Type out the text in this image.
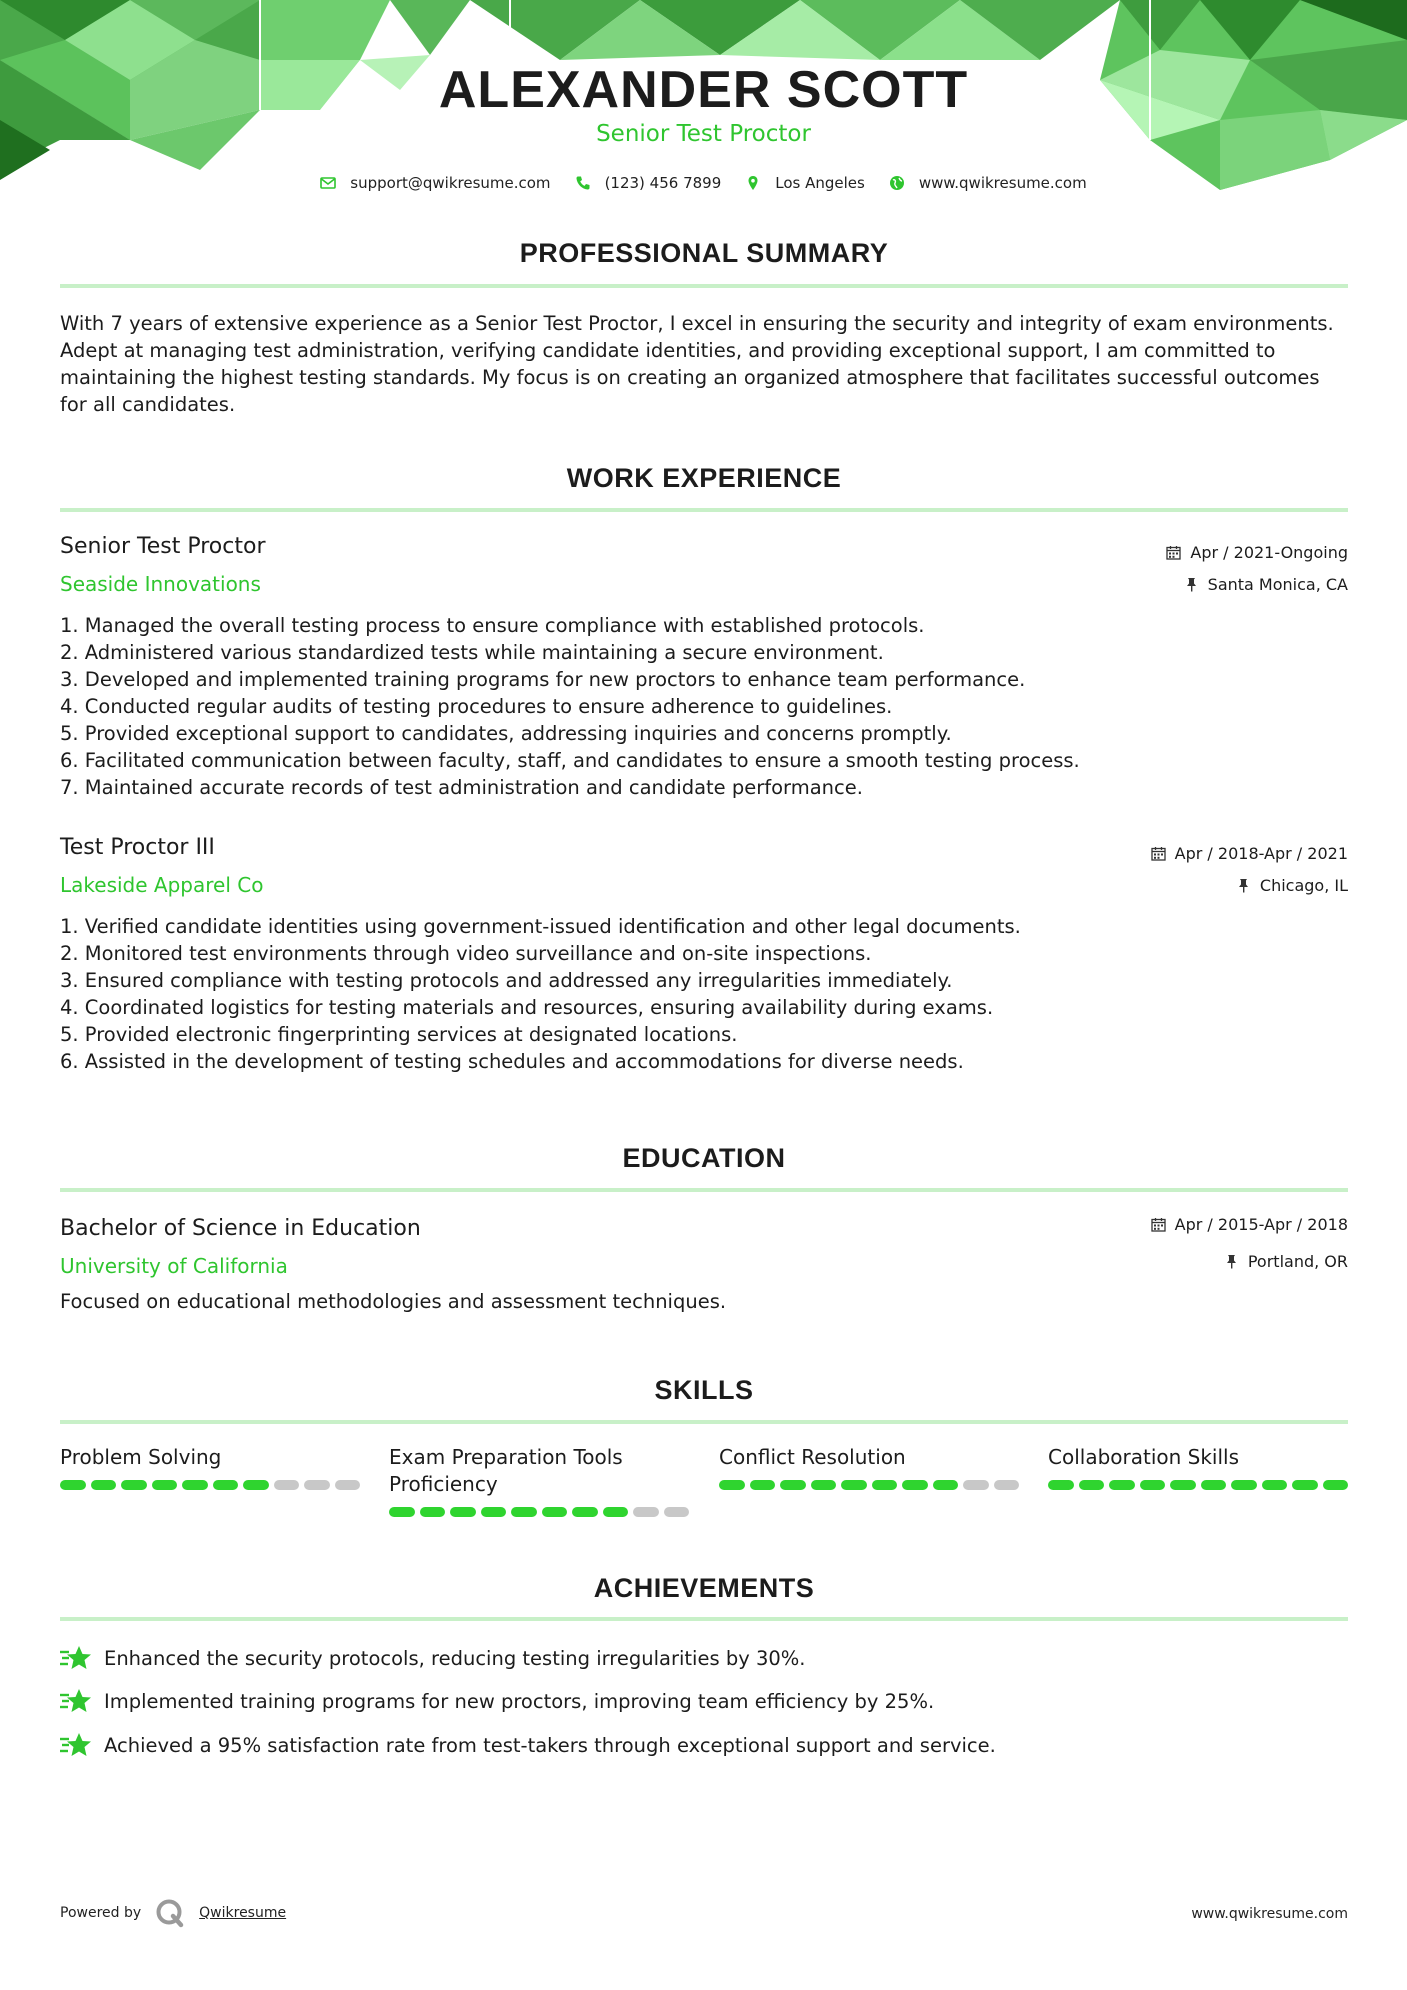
ALEXANDER SCOTT
Senior Test Proctor
support@qwikresume.com	(123) 456 7899	Los Angeles	www.qwikresume.com
PROFESSIONAL SUMMARY
With 7 years of extensive experience as a Senior Test Proctor, I excel in ensuring the security and integrity of exam environments. Adept at managing test administration, verifying candidate identities, and providing exceptional support, I am committed to maintaining the highest testing standards. My focus is on creating an organized atmosphere that facilitates successful outcomes for all candidates.
WORK EXPERIENCE
Senior Test Proctor
Seaside Innovations
Apr / 2021-Ongoing
Santa Monica, CA
1. Managed the overall testing process to ensure compliance with established protocols.
2. Administered various standardized tests while maintaining a secure environment.
3. Developed and implemented training programs for new proctors to enhance team performance.
4. Conducted regular audits of testing procedures to ensure adherence to guidelines.
5. Provided exceptional support to candidates, addressing inquiries and concerns promptly.
6. Facilitated communication between faculty, staff, and candidates to ensure a smooth testing process.
7. Maintained accurate records of test administration and candidate performance.
Test Proctor III
Lakeside Apparel Co
Apr / 2018-Apr / 2021
Chicago, IL
1. Verified candidate identities using government-issued identification and other legal documents.
2. Monitored test environments through video surveillance and on-site inspections.
3. Ensured compliance with testing protocols and addressed any irregularities immediately.
4. Coordinated logistics for testing materials and resources, ensuring availability during exams.
5. Provided electronic fingerprinting services at designated locations.
6. Assisted in the development of testing schedules and accommodations for diverse needs.
EDUCATION
Bachelor of Science in Education
University of California
Apr / 2015-Apr / 2018
Portland, OR
Focused on educational methodologies and assessment techniques.
SKILLS
Problem Solving	Exam Preparation Tools Proficiency
Conflict Resolution	Collaboration Skills
ACHIEVEMENTS
Enhanced the security protocols, reducing testing irregularities by 30%.
Implemented training programs for new proctors, improving team efficiency by 25%.
Achieved a 95% satisfaction rate from test-takers through exceptional support and service.
Powered by	Qwikresume	www.qwikresume.com
